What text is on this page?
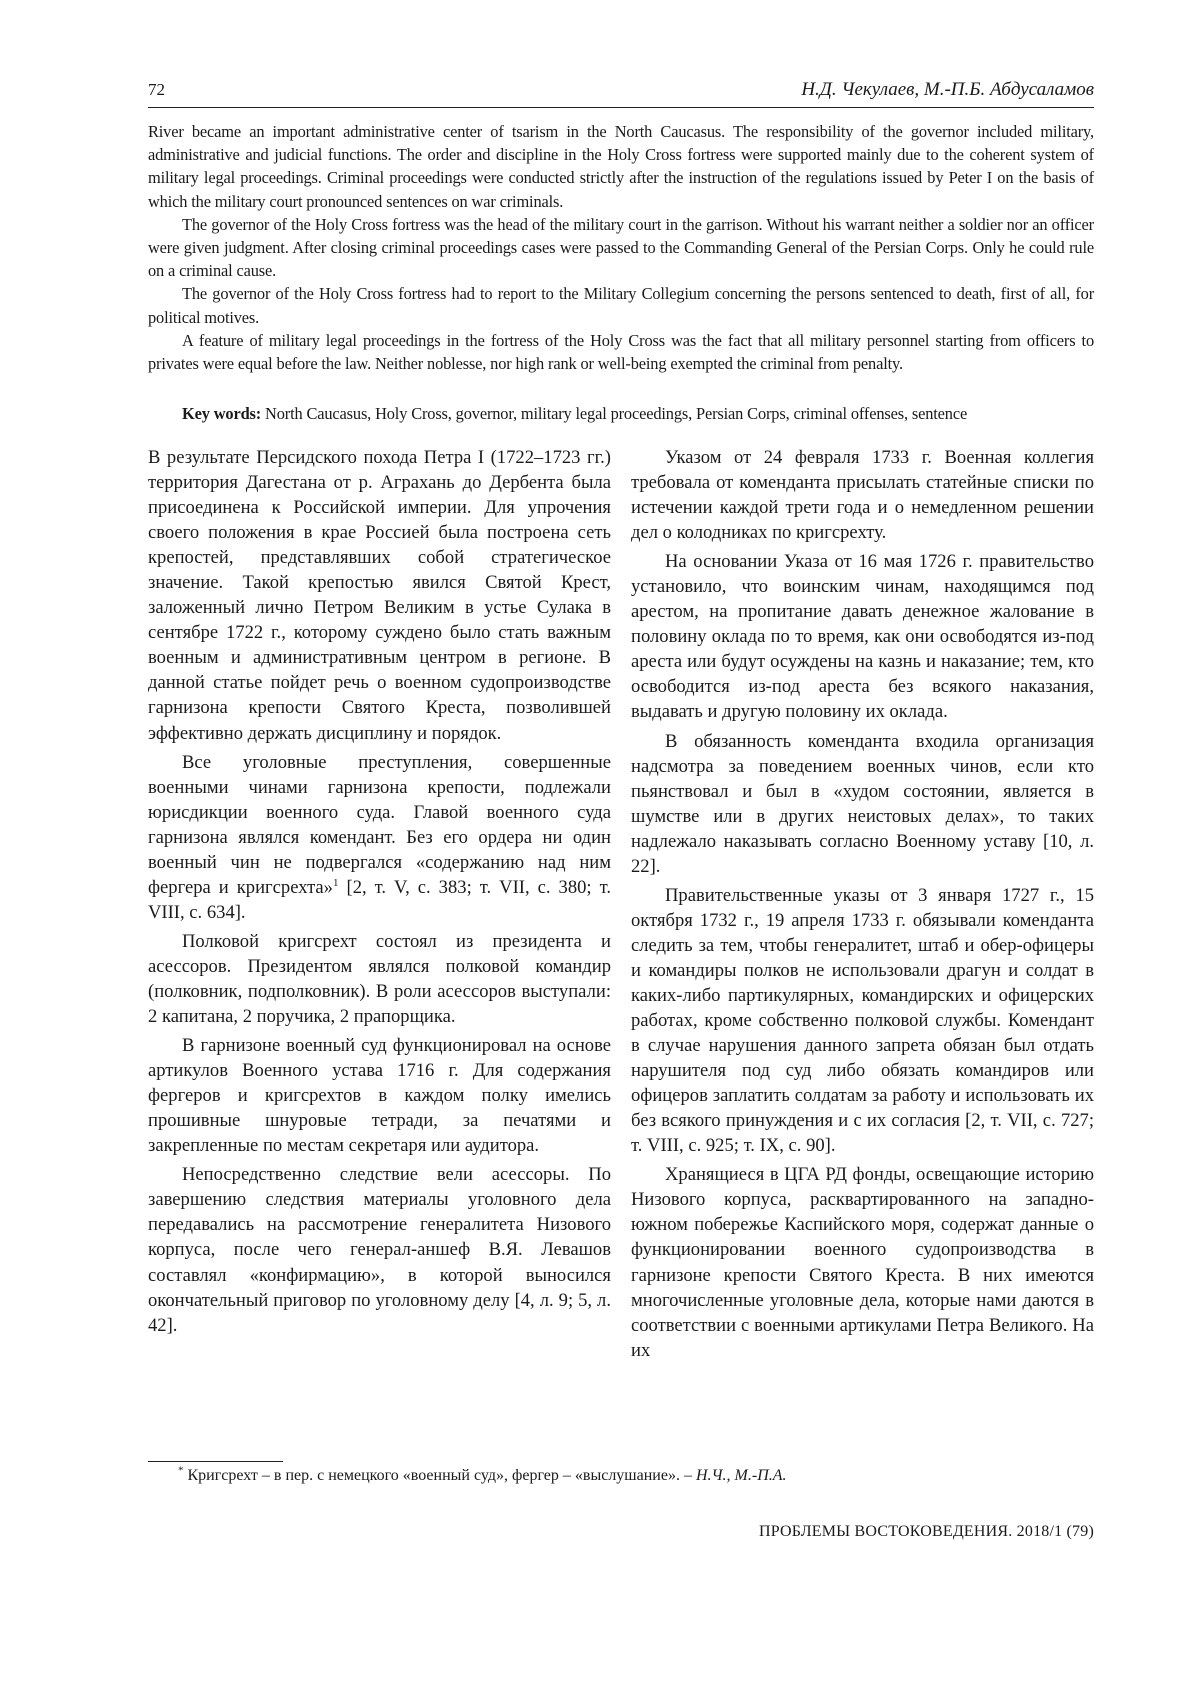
72	Н.Д. Чекулаев, М.-П.Б. Абдусаламов

River became an important administrative center of tsarism in the North Caucasus. The responsibility of the governor included military, administrative and judicial functions. The order and discipline in the Holy Cross fortress were supported mainly due to the coherent system of military legal proceedings. Criminal proceedings were conducted strictly after the instruction of the regulations issued by Peter I on the basis of which the military court pronounced sentences on war criminals.

The governor of the Holy Cross fortress was the head of the military court in the garrison. Without his warrant neither a soldier nor an officer were given judgment. After closing criminal proceedings cases were passed to the Commanding General of the Persian Corps. Only he could rule on a criminal cause.

The governor of the Holy Cross fortress had to report to the Military Collegium concerning the persons sentenced to death, first of all, for political motives.

A feature of military legal proceedings in the fortress of the Holy Cross was the fact that all military personnel starting from officers to privates were equal before the law. Neither noblesse, nor high rank or well-being exempted the criminal from penalty.

Key words: North Caucasus, Holy Cross, governor, military legal proceedings, Persian Corps, criminal offenses, sentence

В результате Персидского похода Петра I (1722–1723 гг.) территория Дагестана от р. Аграхань до Дербента была присоединена к Российской империи. Для упрочения своего положения в крае Россией была построена сеть крепостей, представлявших собой стратегическое значение. Такой крепостью явился Святой Крест, заложенный лично Петром Великим в устье Сулака в сентябре 1722 г., которому суждено было стать важным военным и административным центром в регионе. В данной статье пойдет речь о военном судопроизводстве гарнизона крепости Святого Креста, позволившей эффективно держать дисциплину и порядок.

Все уголовные преступления, совершенные военными чинами гарнизона крепости, подлежали юрисдикции военного суда. Главой военного суда гарнизона являлся комендант. Без его ордера ни один военный чин не подвергался «содержанию над ним фергера и кригсрехта»$^1$ [2, т. V, с. 383; т. VII, с. 380; т. VIII, с. 634].

Полковой кригсрехт состоял из президента и асессоров. Президентом являлся полковой командир (полковник, подполковник). В роли асессоров выступали: 2 капитана, 2 поручика, 2 прапорщика.

В гарнизоне военный суд функционировал на основе артикулов Военного устава 1716 г. Для содержания фергеров и кригсрехтов в каждом полку имелись прошивные шнуровые тетради, за печатями и закрепленные по местам секретаря или аудитора.

Непосредственно следствие вели асессоры. По завершению следствия материалы уголовного дела передавались на рассмотрение генералитета Низового корпуса, после чего генерал-аншеф В.Я. Левашов составлял «конфирмацию», в которой выносился окончательный приговор по уголовному делу [4, л. 9; 5, л. 42].

Указом от 24 февраля 1733 г. Военная коллегия требовала от коменданта присылать статейные списки по истечении каждой трети года и о немедленном решении дел о колодниках по кригсрехту.

На основании Указа от 16 мая 1726 г. правительство установило, что воинским чинам, находящимся под арестом, на пропитание давать денежное жалование в половину оклада по то время, как они освободятся из-под ареста или будут осуждены на казнь и наказание; тем, кто освободится из-под ареста без всякого наказания, выдавать и другую половину их оклада.

В обязанность коменданта входила организация надсмотра за поведением военных чинов, если кто пьянствовал и был в «худом состоянии, является в шумстве или в других неистовых делах», то таких надлежало наказывать согласно Военному уставу [10, л. 22].

Правительственные указы от 3 января 1727 г., 15 октября 1732 г., 19 апреля 1733 г. обязывали коменданта следить за тем, чтобы генералитет, штаб и обер-офицеры и командиры полков не использовали драгун и солдат в каких-либо партикулярных, командирских и офицерских работах, кроме собственно полковой службы. Комендант в случае нарушения данного запрета обязан был отдать нарушителя под суд либо обязать командиров или офицеров заплатить солдатам за работу и использовать их без всякого принуждения и с их согласия [2, т. VII, с. 727; т. VIII, с. 925; т. IX, с. 90].

Хранящиеся в ЦГА РД фонды, освещающие историю Низового корпуса, расквартированного на западно-южном побережье Каспийского моря, содержат данные о функционировании военного судопроизводства в гарнизоне крепости Святого Креста. В них имеются многочисленные уголовные дела, которые нами даются в соответствии с военными артикулами Петра Великого. На их

* Кригсрехт – в пер. с немецкого «военный суд», фергер – «выслушание». – Н.Ч., М.-П.А.
ПРОБЛЕМЫ ВОСТОКОВЕДЕНИЯ. 2018/1 (79)
